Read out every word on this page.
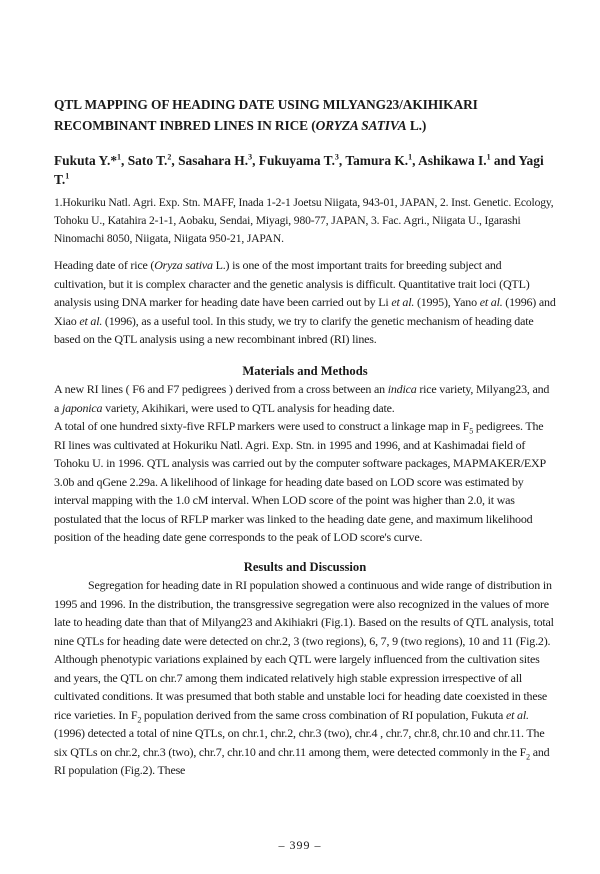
QTL MAPPING OF HEADING DATE USING MILYANG23/AKIHIKARI
RECOMBINANT INBRED LINES IN RICE (ORYZA SATIVA L.)
Fukuta Y.*$^1$, Sato T.$^2$, Sasahara H.$^3$, Fukuyama T.$^3$, Tamura K.$^1$, Ashikawa I.$^1$ and Yagi T.$^1$
1.Hokuriku Natl. Agri. Exp. Stn. MAFF, Inada 1-2-1 Joetsu Niigata, 943-01, JAPAN, 2. Inst. Genetic. Ecology, Tohoku U., Katahira 2-1-1, Aobaku, Sendai, Miyagi, 980-77, JAPAN, 3. Fac. Agri., Niigata U., Igarashi Ninomachi 8050, Niigata, Niigata 950-21, JAPAN.

Heading date of rice (Oryza sativa L.) is one of the most important traits for breeding subject and cultivation, but it is complex character and the genetic analysis is difficult. Quantitative trait loci (QTL) analysis using DNA marker for heading date have been carried out by Li et al. (1995), Yano et al. (1996) and Xiao et al. (1996), as a useful tool. In this study, we try to clarify the genetic mechanism of heading date based on the QTL analysis using a new recombinant inbred (RI) lines.

Materials and Methods

A new RI lines ( F6 and F7 pedigrees ) derived from a cross between an indica rice variety, Milyang23, and a japonica variety, Akihikari, were used to QTL analysis for heading date.

A total of one hundred sixty-five RFLP markers were used to construct a linkage map in $F_5$ pedigrees. The RI lines was cultivated at Hokuriku Natl. Agri. Exp. Stn. in 1995 and 1996, and at Kashimadai field of Tohoku U. in 1996. QTL analysis was carried out by the computer software packages, MAPMAKER/EXP 3.0b and qGene 2.29a. A likelihood of linkage for heading date based on LOD score was estimated by interval mapping with the 1.0 cM interval. When LOD score of the point was higher than 2.0, it was postulated that the locus of RFLP marker was linked to the heading date gene, and maximum likelihood position of the heading date gene corresponds to the peak of LOD score's curve.

Results and Discussion

Segregation for heading date in RI population showed a continuous and wide range of distribution in 1995 and 1996. In the distribution, the transgressive segregation were also recognized in the values of more late to heading date than that of Milyang23 and Akihiakri (Fig.1). Based on the results of QTL analysis, total nine QTLs for heading date were detected on chr.2, 3 (two regions), 6, 7, 9 (two regions), 10 and 11 (Fig.2). Although phenotypic variations explained by each QTL were largely influenced from the cultivation sites and years, the QTL on chr.7 among them indicated relatively high stable expression irrespective of all cultivated conditions. It was presumed that both stable and unstable loci for heading date coexisted in these rice varieties. In $F_2$ population derived from the same cross combination of RI population, Fukuta et al. (1996) detected a total of nine QTLs, on chr.1, chr.2, chr.3 (two), chr.4 , chr.7, chr.8, chr.10 and chr.11. The six QTLs on chr.2, chr.3 (two), chr.7, chr.10 and chr.11 among them, were detected commonly in the $F_2$ and RI population (Fig.2). These

– 399 –
